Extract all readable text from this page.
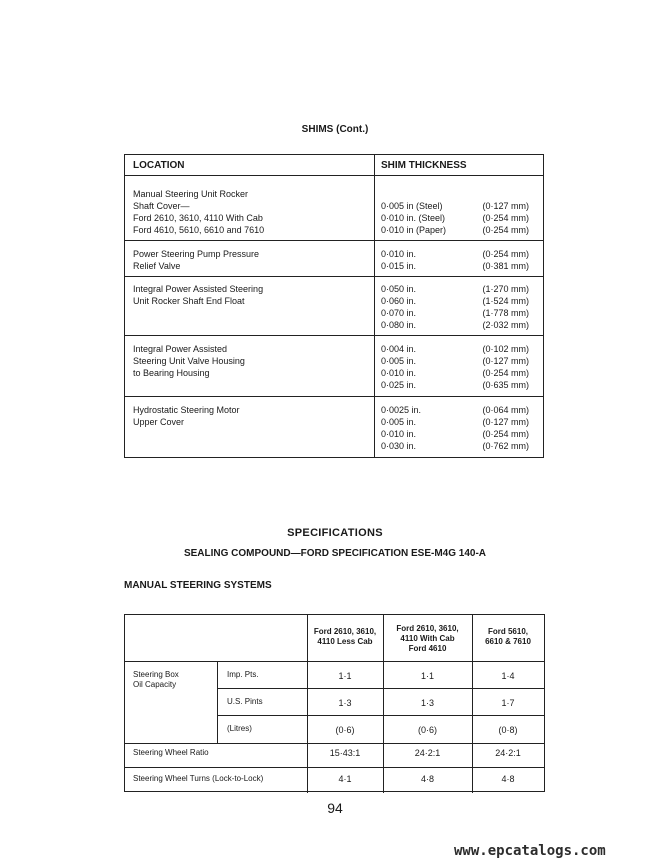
SHIMS (Cont.)
LOCATION	SHIM THICKNESS
Manual Steering Unit Rocker
Shaft Cover—
Ford 2610, 3610, 4110 With Cab
Ford 4610, 5610, 6610 and 7610
0·005 in (Steel)	(0·127 mm)
0·010 in. (Steel)	(0·254 mm)
0·010 in (Paper)	(0·254 mm)
Power Steering Pump Pressure
Relief Valve
0·010 in.	(0·254 mm)
0·015 in.	(0·381 mm)
Integral Power Assisted Steering
Unit Rocker Shaft End Float
0·050 in.	(1·270 mm)
0·060 in.	(1·524 mm)
0·070 in.	(1·778 mm)
0·080 in.	(2·032 mm)
Integral Power Assisted
Steering Unit Valve Housing
to Bearing Housing
0·004 in.	(0·102 mm)
0·005 in.	(0·127 mm)
0·010 in.	(0·254 mm)
0·025 in.	(0·635 mm)
Hydrostatic Steering Motor
Upper Cover
0·0025 in.	(0·064 mm)
0·005 in.	(0·127 mm)
0·010 in.	(0·254 mm)
0·030 in.	(0·762 mm)
SPECIFICATIONS
SEALING COMPOUND—FORD SPECIFICATION ESE-M4G 140-A
MANUAL STEERING SYSTEMS
Ford 2610, 3610,
4110 Less Cab
Ford 2610, 3610,
4110 With Cab
Ford 4610
Ford 5610,
6610 & 7610
Steering Box
Oil Capacity
Imp. Pts.	1·1	1·1	1·4
U.S. Pints	1·3	1·3	1·7
(Litres)	(0·6)	(0·6)	(0·8)
Steering Wheel Ratio	15·43:1	24·2:1	24·2:1
Steering Wheel Turns (Lock-to-Lock)	4·1	4·8	4·8
94
www.epcatalogs.com
